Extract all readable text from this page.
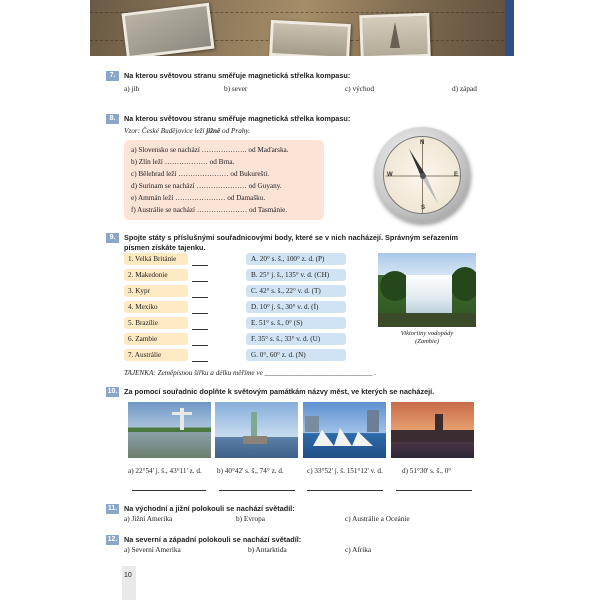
7.	Na kterou světovou stranu směřuje magnetická střelka kompasu:
a) jih	b) sever	c) východ	d) západ
8.	Na kterou světovou stranu směřuje magnetická střelka kompasu:
Vzor: České Budějovice leží jižně od Prahy.
a) Slovensko se nachází ………………. od Maďarska.
b) Zlín leží ……………… od Brna.
c) Bělehrad leží ………………… od Bukurešti.
d) Surinam se nachází ………………… od Guyany.
e) Ammán leží ………………… od Damašku.
f) Austrálie se nachází ………………… od Tasmánie.
N
S
E
W
9.	Spojte státy s příslušnými souřadnicovými body, které se v nich nacházejí. Správným seřazením
písmen získáte tajenku.
1. Velká Británie
2. Makedonie
3. Kypr
4. Mexiko
5. Brazílie
6. Zambie
7. Austrálie
A. 20° s. š., 100° z. d. (P)
B. 25° j. š., 135° v. d. (CH)
C. 42° s. š., 22° v. d. (T)
D. 10° j. š., 30° v. d. (Í)
E. 51° s. š., 0° (S)
F. 35° s. š., 33° v. d. (U)
G. 0°, 60° z. d. (N)
Viktoriiny vodopády
(Zambie)
TAJENKA: Zeměpisnou šířku a délku měříme ve ______________________________ .
10. Za pomocí souřadnic doplňte k světovým památkám názvy měst, ve kterých se nacházejí.
a) 22°54' j. š., 43°11' z. d. b) 40°42' s. š., 74° z. d.	c) 33°52' j. š. 151°12' v. d.	d) 51°30' s. š., 0°
11. Na východní a jižní polokouli se nachází světadíl:
a) Jižní Amerika	b) Evropa	c) Austrálie a Oceánie
12. Na severní a západní polokouli se nachází světadíl:
a) Severní Amerika	b) Antarktida	c) Afrika
10
